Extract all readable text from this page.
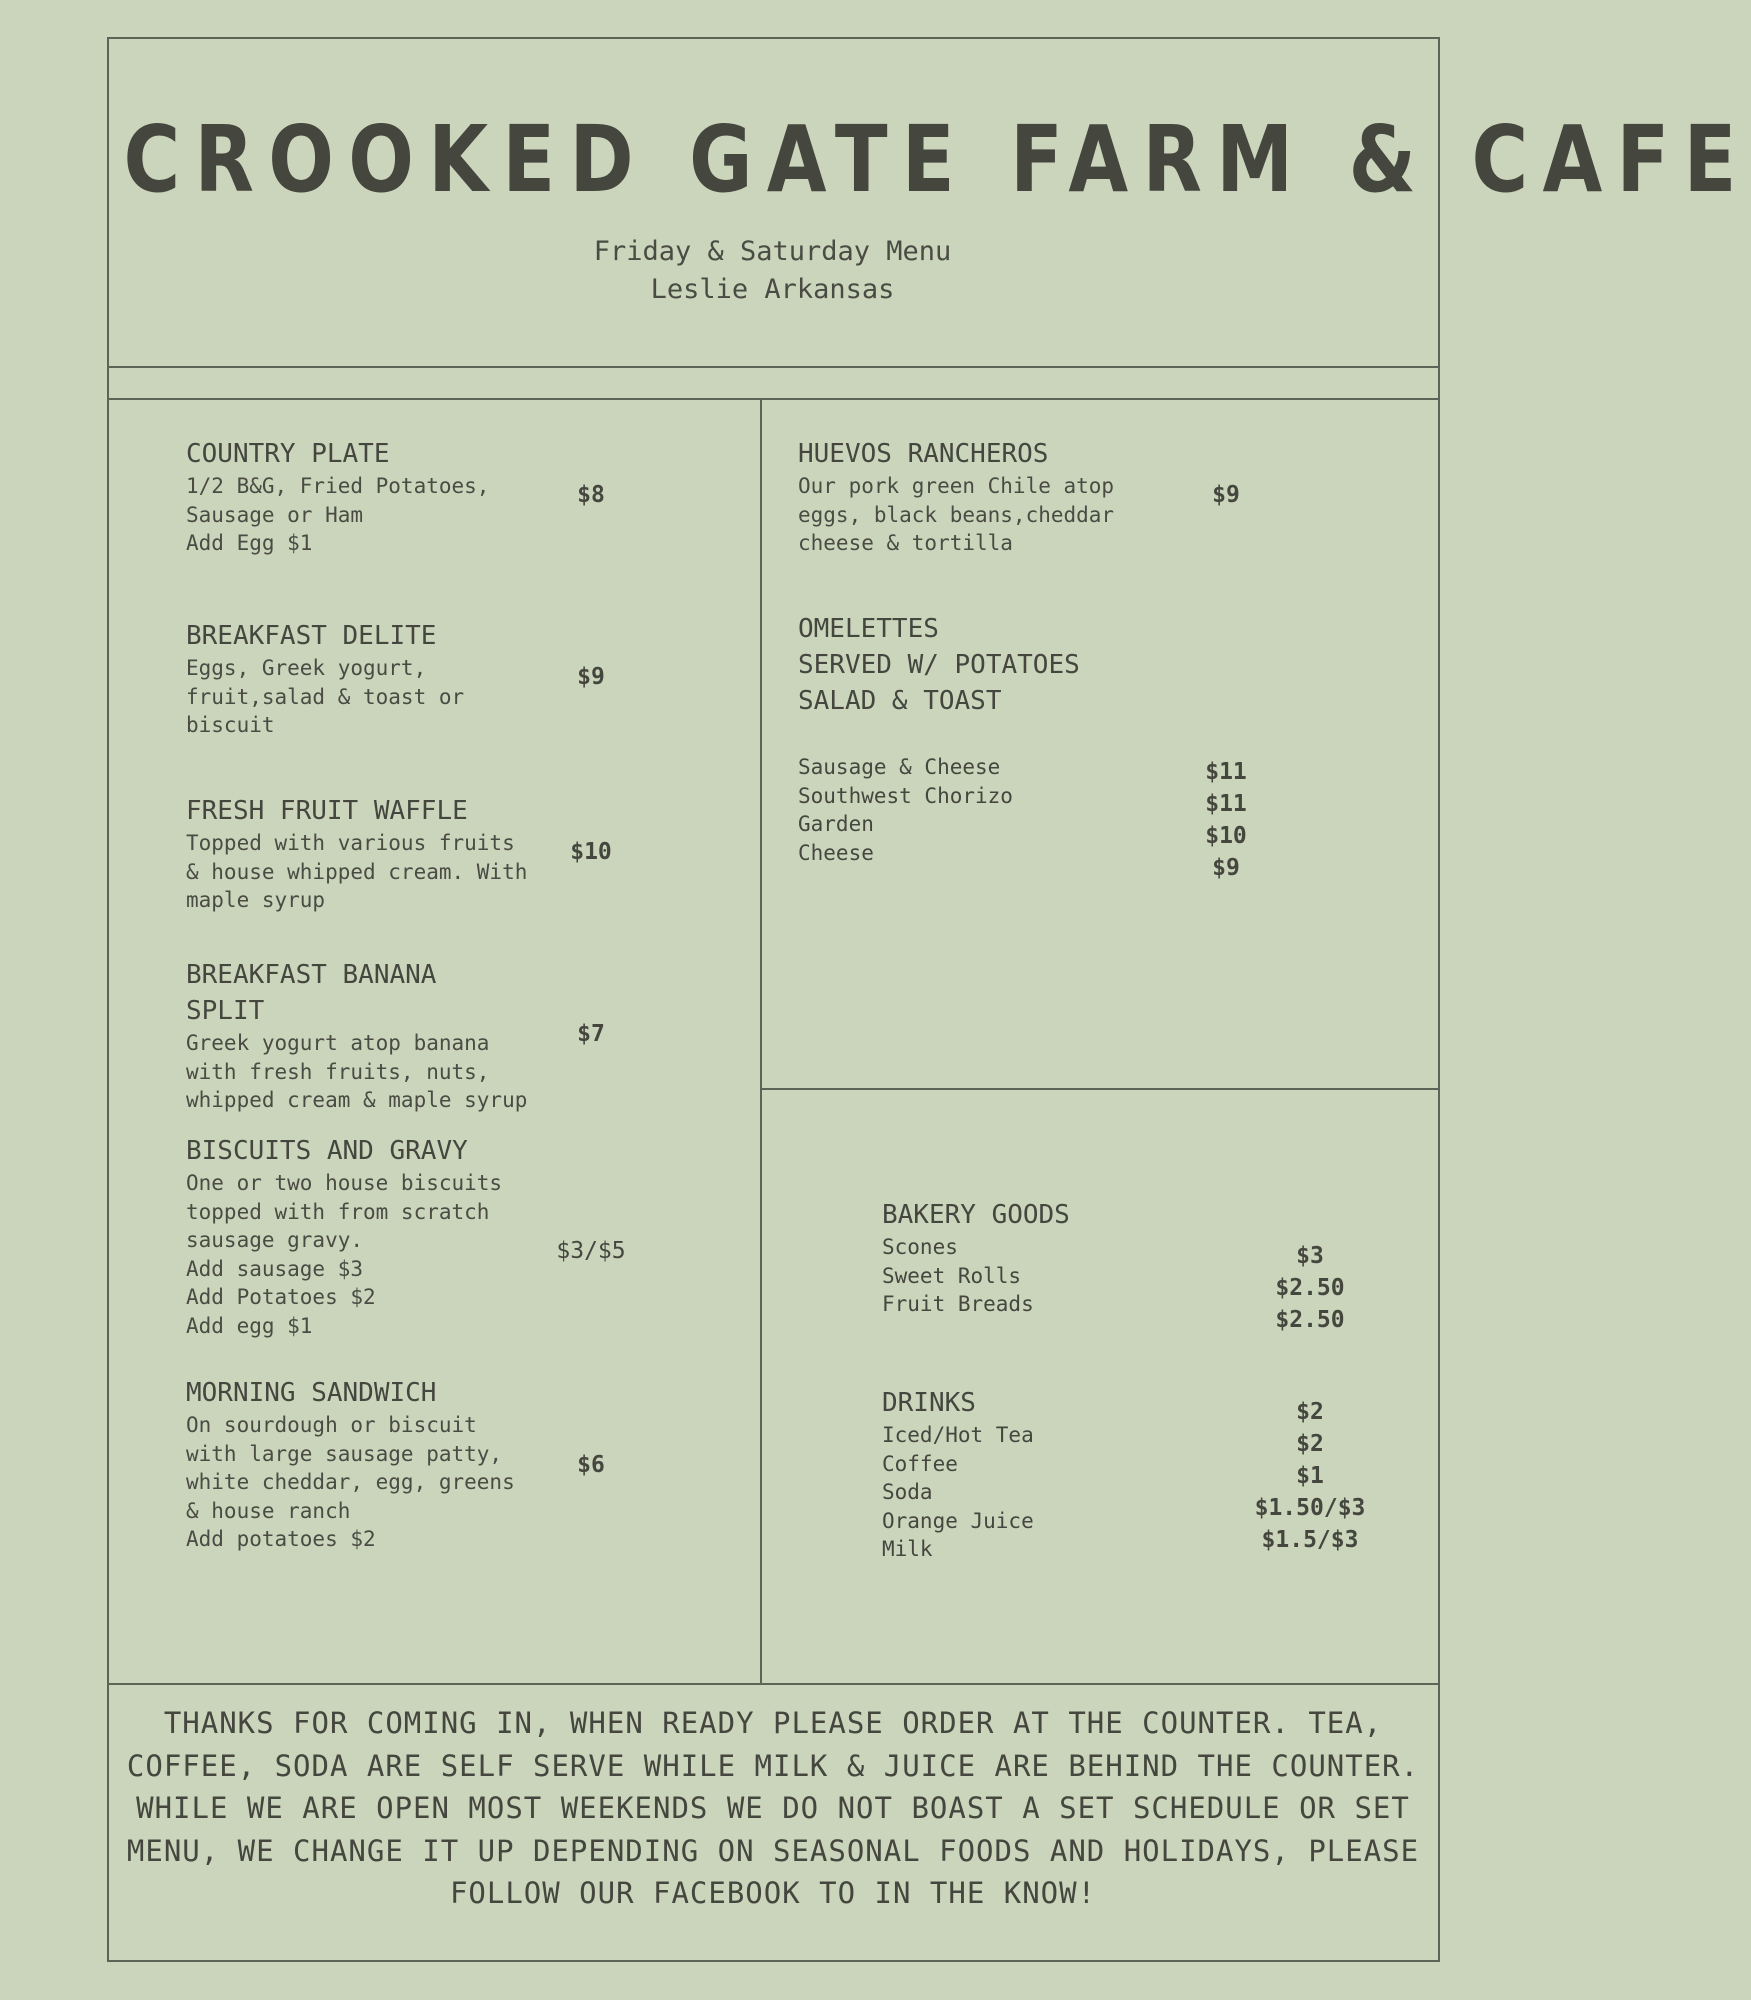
CROOKED GATE FARM & CAFE
Friday & Saturday Menu
Leslie Arkansas
COUNTRY PLATE
1/2 B&G, Fried Potatoes,
Sausage or Ham
Add Egg $1
$8
BREAKFAST DELITE
Eggs, Greek yogurt,
fruit,salad & toast or
biscuit
$9
FRESH FRUIT WAFFLE
Topped with various fruits
& house whipped cream. With
maple syrup
$10
BREAKFAST BANANA
SPLIT
Greek yogurt atop banana
with fresh fruits, nuts,
whipped cream & maple syrup
$7
BISCUITS AND GRAVY
One or two house biscuits
topped with from scratch
sausage gravy.
Add sausage $3
Add Potatoes $2
Add egg $1
$3/$5
MORNING SANDWICH
On sourdough or biscuit
with large sausage patty,
white cheddar, egg, greens
& house ranch
Add potatoes $2
$6
HUEVOS RANCHEROS
Our pork green Chile atop
eggs, black beans,cheddar
cheese & tortilla
$9
OMELETTES
SERVED W/ POTATOES
SALAD & TOAST
Sausage & Cheese
Southwest Chorizo
Garden
Cheese
$11
$11
$10
$9
BAKERY GOODS
Scones
Sweet Rolls
Fruit Breads
$3
$2.50
$2.50
DRINKS
Iced/Hot Tea
Coffee
Soda
Orange Juice
Milk
$2
$2
$1
$1.50/$3
$1.5/$3
THANKS FOR COMING IN, WHEN READY PLEASE ORDER AT THE COUNTER. TEA, COFFEE, SODA ARE SELF SERVE WHILE MILK & JUICE ARE BEHIND THE COUNTER. WHILE WE ARE OPEN MOST WEEKENDS WE DO NOT BOAST A SET SCHEDULE OR SET MENU, WE CHANGE IT UP DEPENDING ON SEASONAL FOODS AND HOLIDAYS, PLEASE FOLLOW OUR FACEBOOK TO IN THE KNOW!
